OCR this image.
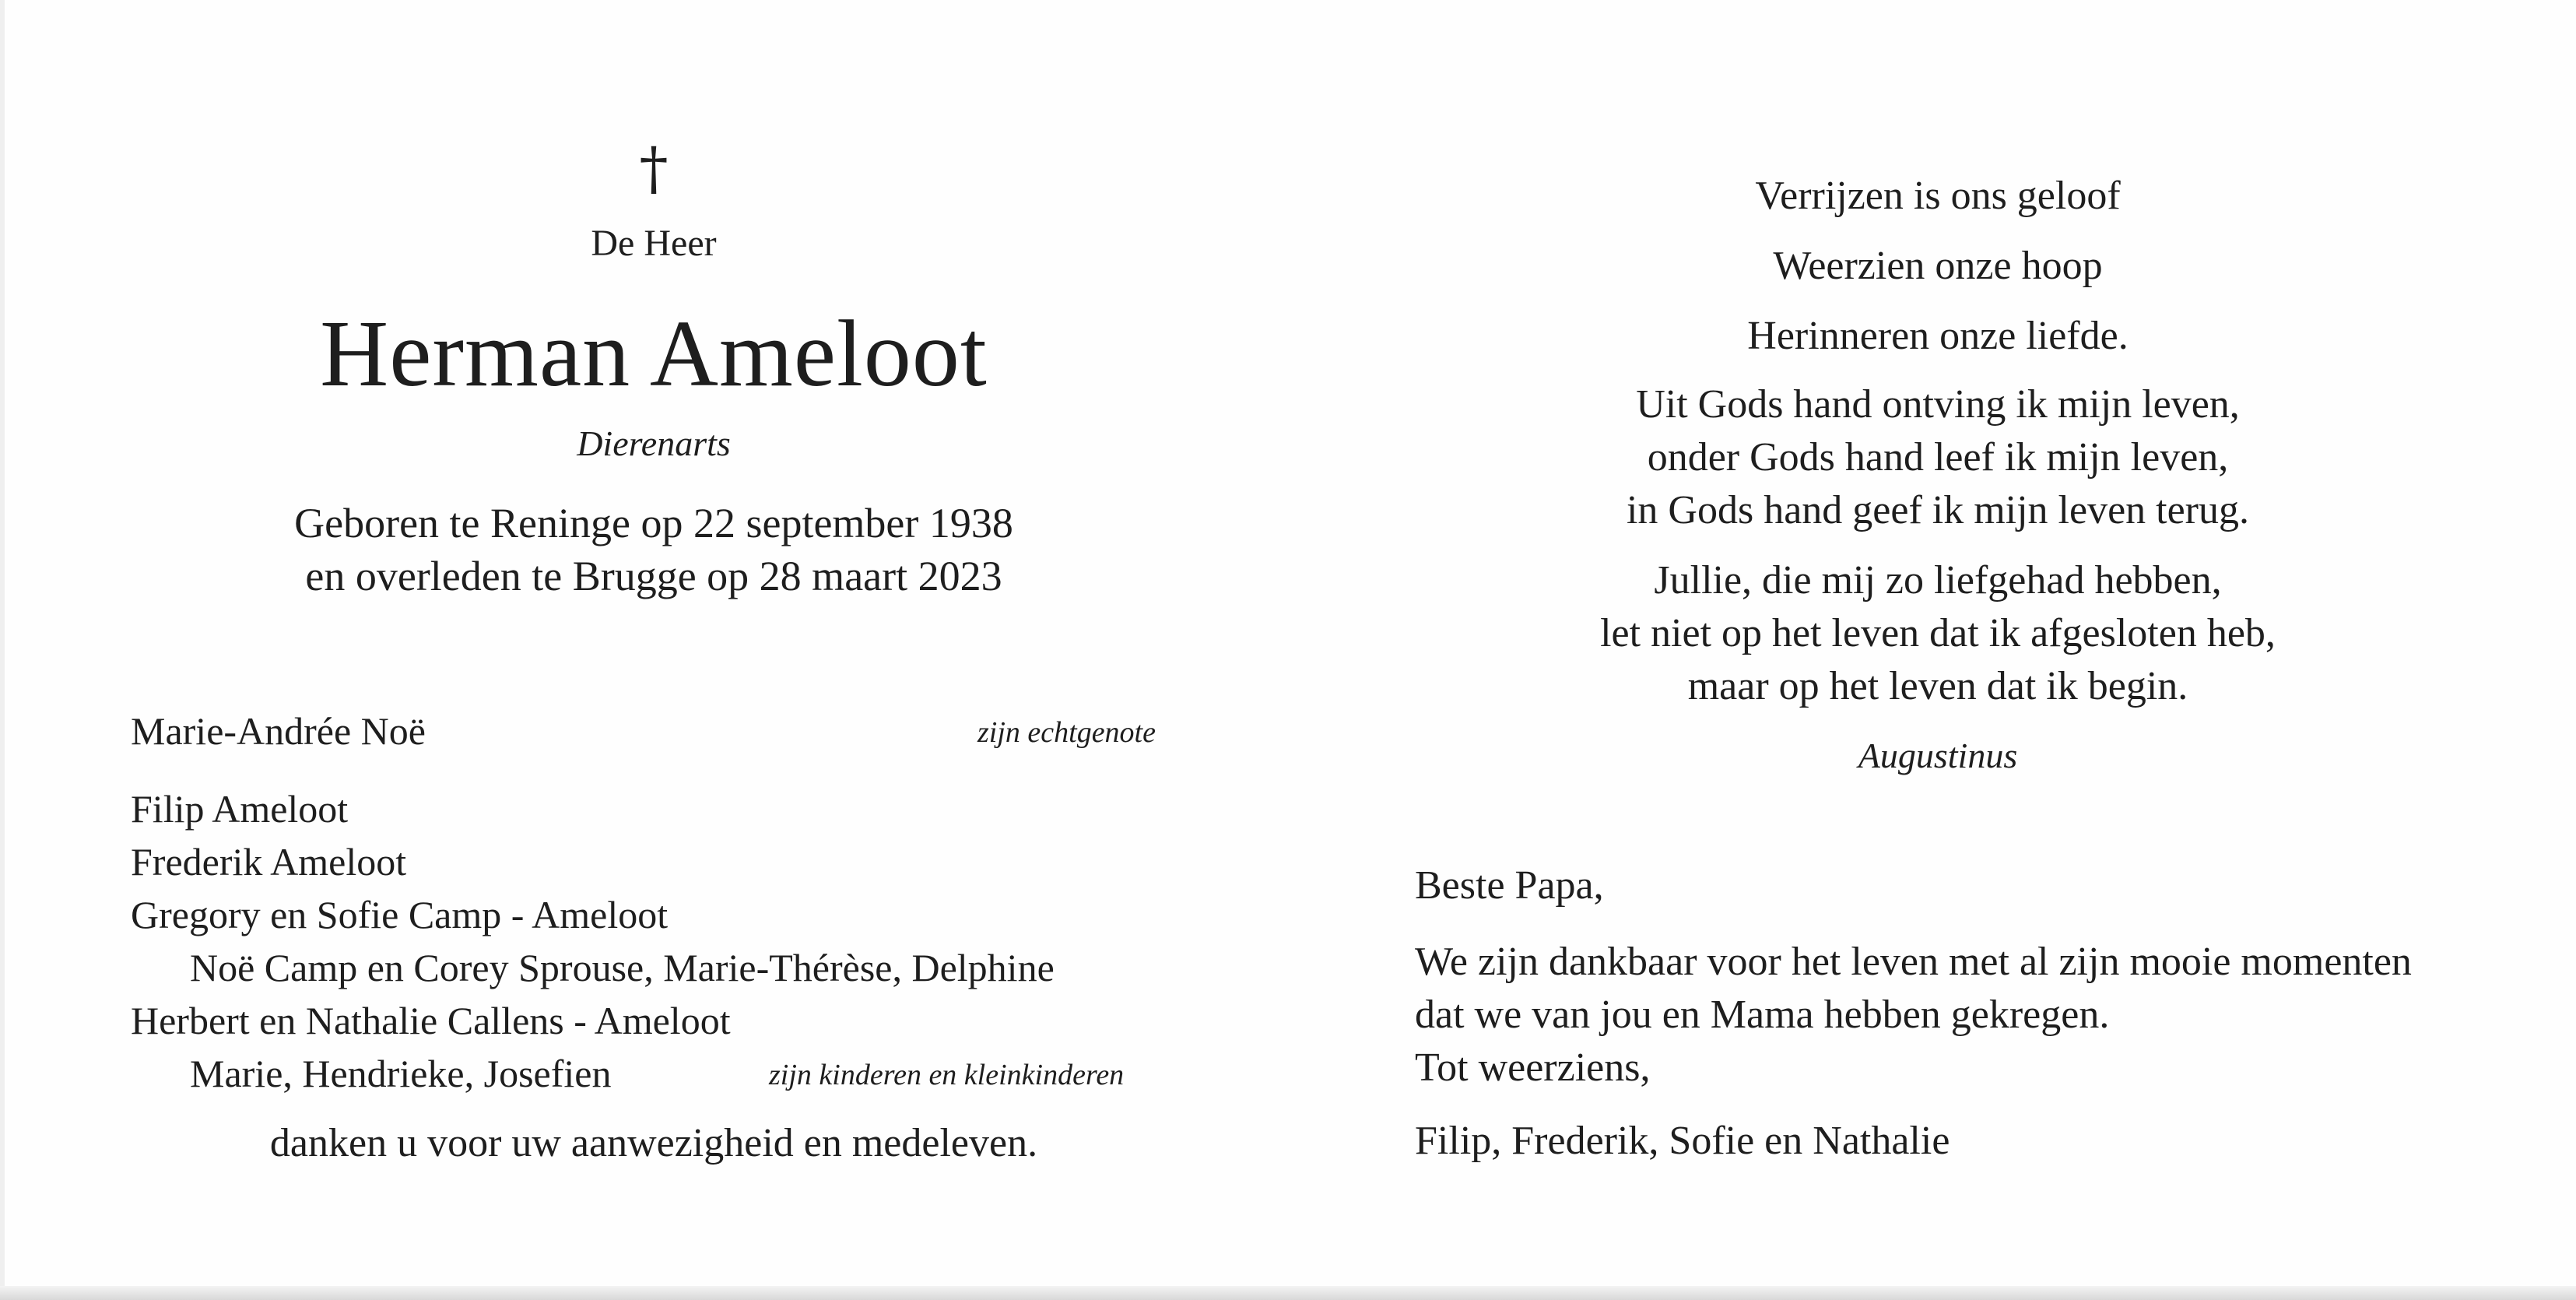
†
De Heer
Herman Ameloot
Dierenarts
Geboren te Reninge op 22 september 1938
en overleden te Brugge op 28 maart 2023
Marie-Andrée Noë	zijn echtgenote
Filip Ameloot
Frederik Ameloot
Gregory en Sofie Camp - Ameloot
Noë Camp en Corey Sprouse, Marie-Thérèse, Delphine
Herbert en Nathalie Callens - Ameloot
Marie, Hendrieke, Josefien	zijn kinderen en kleinkinderen
danken u voor uw aanwezigheid en medeleven.
Verrijzen is ons geloof
Weerzien onze hoop
Herinneren onze liefde.
Uit Gods hand ontving ik mijn leven,
onder Gods hand leef ik mijn leven,
in Gods hand geef ik mijn leven terug.
Jullie, die mij zo liefgehad hebben,
let niet op het leven dat ik afgesloten heb,
maar op het leven dat ik begin.
Augustinus
Beste Papa,
We zijn dankbaar voor het leven met al zijn mooie momenten
dat we van jou en Mama hebben gekregen.
Tot weerziens,
Filip, Frederik, Sofie en Nathalie
